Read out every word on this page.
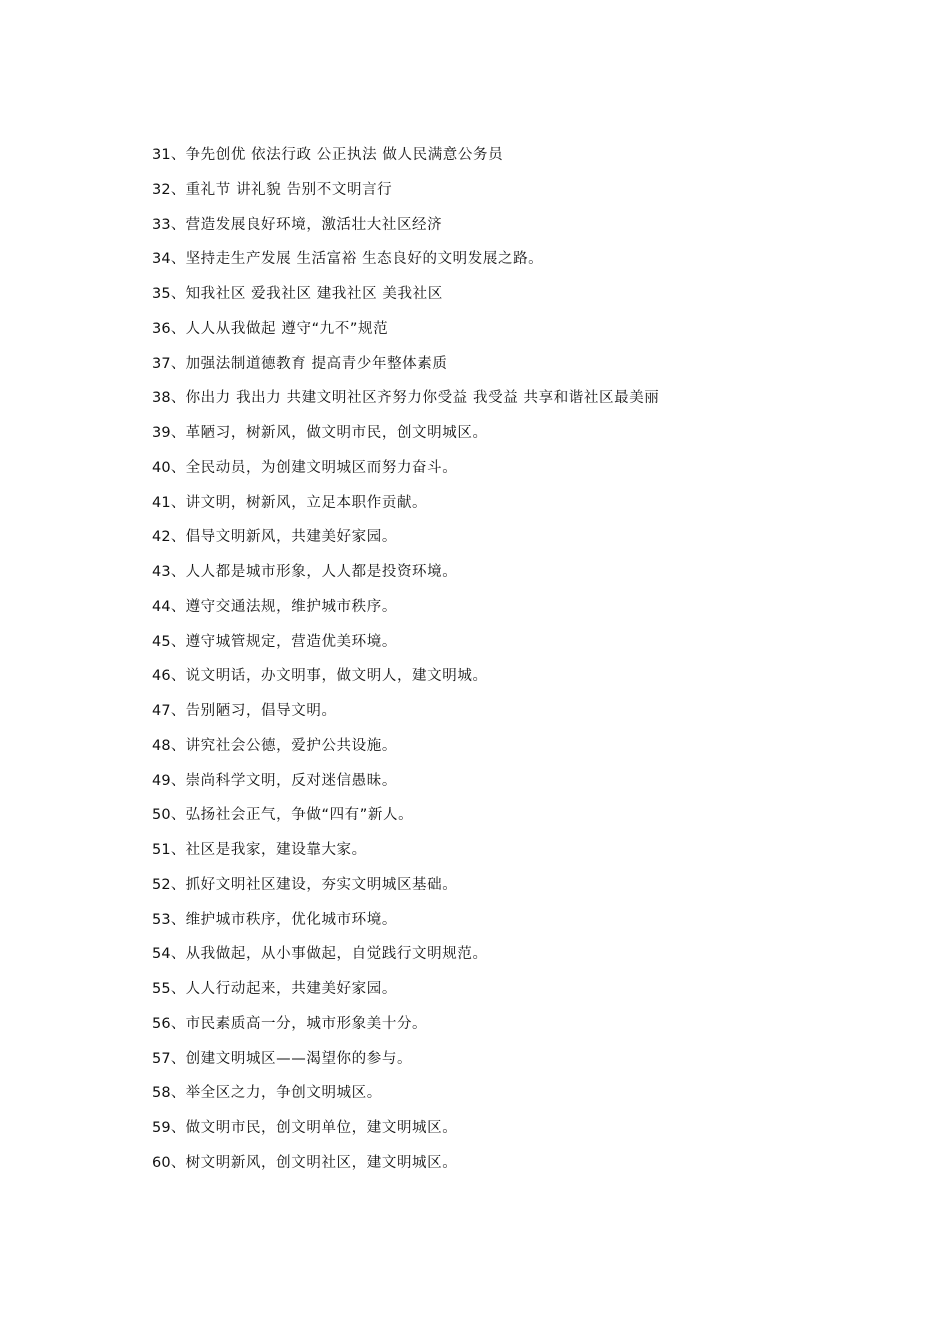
31、争先创优 依法行政 公正执法 做人民满意公务员
32、重礼节 讲礼貌 告别不文明言行
33、营造发展良好环境，激活壮大社区经济
34、坚持走生产发展 生活富裕 生态良好的文明发展之路。
35、知我社区 爱我社区 建我社区 美我社区
36、人人从我做起 遵守“九不”规范
37、加强法制道德教育 提高青少年整体素质
38、你出力 我出力 共建文明社区齐努力你受益 我受益 共享和谐社区最美丽
39、革陋习，树新风，做文明市民，创文明城区。
40、全民动员，为创建文明城区而努力奋斗。
41、讲文明，树新风，立足本职作贡献。
42、倡导文明新风，共建美好家园。
43、人人都是城市形象，人人都是投资环境。
44、遵守交通法规，维护城市秩序。
45、遵守城管规定，营造优美环境。
46、说文明话，办文明事，做文明人，建文明城。
47、告别陋习，倡导文明。
48、讲究社会公德，爱护公共设施。
49、崇尚科学文明，反对迷信愚昧。
50、弘扬社会正气，争做“四有”新人。
51、社区是我家，建设靠大家。
52、抓好文明社区建设，夯实文明城区基础。
53、维护城市秩序，优化城市环境。
54、从我做起，从小事做起，自觉践行文明规范。
55、人人行动起来，共建美好家园。
56、市民素质高一分，城市形象美十分。
57、创建文明城区——渴望你的参与。
58、举全区之力，争创文明城区。
59、做文明市民，创文明单位，建文明城区。
60、树文明新风，创文明社区，建文明城区。
